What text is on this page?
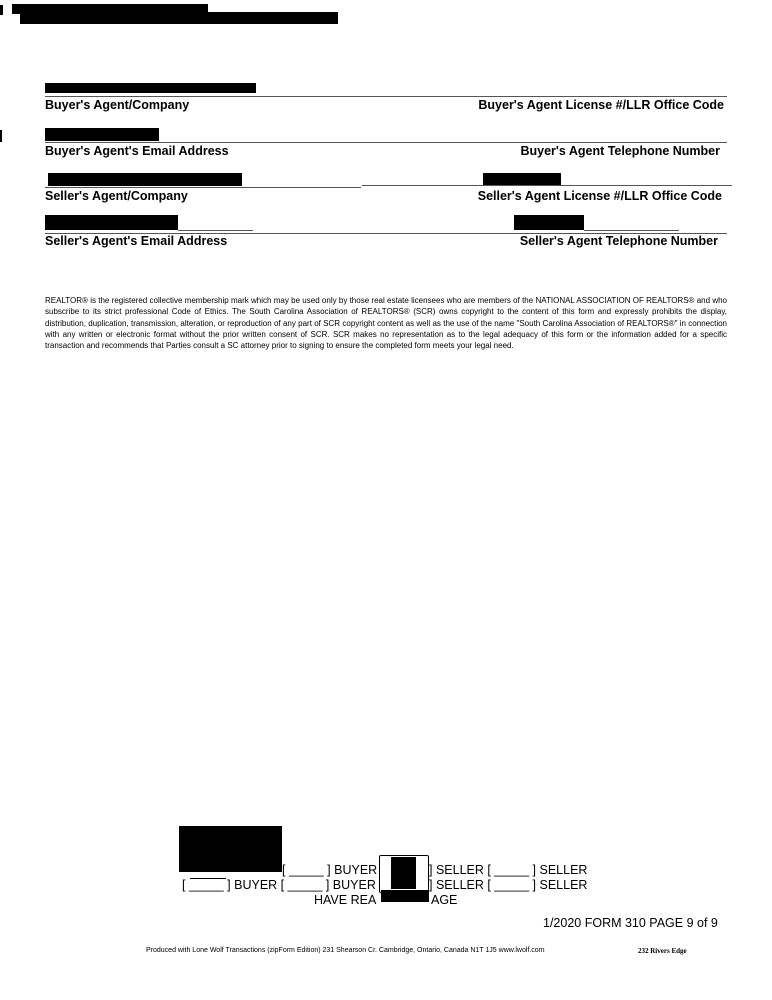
Buyer's Agent/Company	Buyer's Agent License #/LLR Office Code
Buyer's Agent's Email Address	Buyer's Agent Telephone Number
Seller's Agent/Company	Seller's Agent License #/LLR Office Code
Seller's Agent's Email Address	Seller's Agent Telephone Number

REALTOR® is the registered collective membership mark which may be used only by those real estate licensees who are members of the NATIONAL ASSOCIATION OF REALTORS® and who subscribe to its strict professional Code of Ethics. The South Carolina Association of REALTORS® (SCR) owns copyright to the content of this form and expressly prohibits the display, distribution, duplication, transmission, alteration, or reproduction of any part of SCR copyright content as well as the use of the name "South Carolina Association of REALTORS®" in connection with any written or electronic format without the prior written consent of SCR. SCR makes no representation as to the legal adequacy of this form or the information added for a specific transaction and recommends that Parties consult a SC attorney prior to signing to ensure the completed form meets your legal need.

[ _____ ] BUYER	] SELLER [ _____ ] SELLER
[ _____ ] BUYER [ _____ ] BUYER	] SELLER [ _____ ] SELLER
HAVE REA	AGE
1/2020 FORM 310 PAGE 9 of 9
Produced with Lone Wolf Transactions (zipForm Edition) 231 Shearson Cr. Cambridge, Ontario, Canada N1T 1J5 www.lwolf.com	232 Rivers Edge
